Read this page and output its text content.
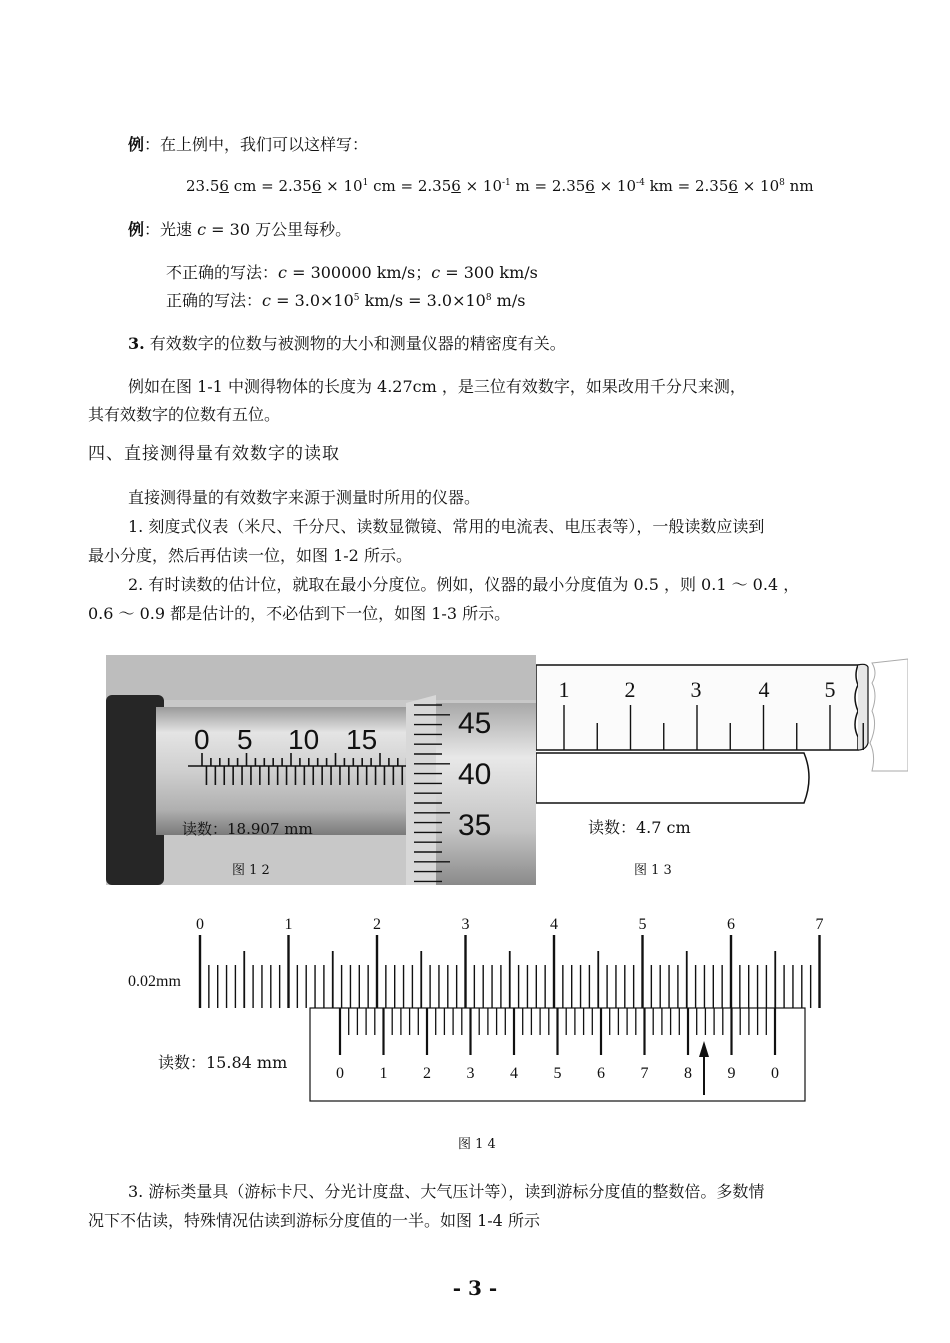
例：在上例中，我们可以这样写：
23.56 cm = $2.356 \times 10^1$ cm = $2.356 \times 10^{-1}$ $m = 2.356 \times 10^{-4}$ km = $2.356 \times 10^8$ nm
例：光速 c = 30 万公里每秒。
不正确的写法：c = 300000 km/s；c = 300 km/s
正确的写法：$c = 3.0\times 10^5$ $km/s = 3.0\times 10^8$ m/s
3. 有效数字的位数与被测物的大小和测量仪器的精密度有关。
例如在图 1-1 中测得物体的长度为 4.27cm ，是三位有效数字，如果改用千分尺来测，
其有效数字的位数有五位。
四、直接测得量有效数字的读取
直接测得量的有效数字来源于测量时所用的仪器。
1. 刻度式仪表（米尺、千分尺、读数显微镜、常用的电流表、电压表等），一般读数应读到
最小分度，然后再估读一位，如图 1-2 所示。
2. 有时读数的估计位，就取在最小分度位。例如，仪器的最小分度值为 0.5 ，则 0.1 ～ 0.4 ，
0.6 ～ 0.9 都是估计的，不必估到下一位，如图 1-3 所示。
0 5 10 15	45
40
35
读数：18.907 mm
图 1 2
1	2	3	4	5
读数：4.7 cm
图 1 3
0	1	2	3	4	5	6	7
0.02mm
0 1 2 3 4 5 6 7 8 9 0
读数：15.84 mm
图 1 4
3. 游标类量具（游标卡尺、分光计度盘、大气压计等），读到游标分度值的整数倍。多数情
况下不估读，特殊情况估读到游标分度值的一半。如图 1-4 所示
- 3 -
